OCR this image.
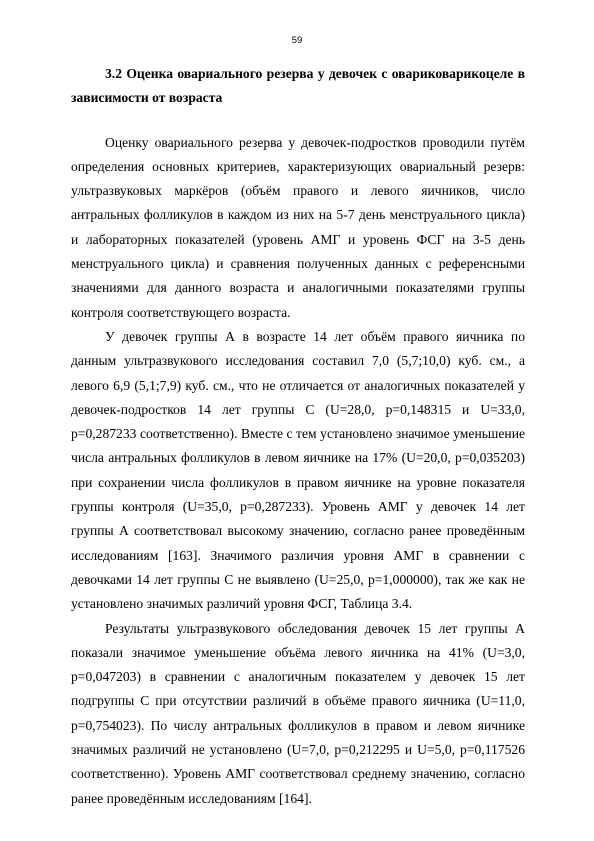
59

3.2 Оценка овариального резерва у девочек с овариковарикоцеле в зависимости от возраста

Оценку овариального резерва у девочек-подростков проводили путём определения основных критериев, характеризующих овариальный резерв: ультразвуковых маркёров (объём правого и левого яичников, число антральных фолликулов в каждом из них на 5-7 день менструального цикла) и лабораторных показателей (уровень АМГ и уровень ФСГ на 3-5 день менструального цикла) и сравнения полученных данных с референсными значениями для данного возраста и аналогичными показателями группы контроля соответствующего возраста.

У девочек группы А в возрасте 14 лет объём правого яичника по данным ультразвукового исследования составил 7,0 (5,7;10,0) куб. см., а левого 6,9 (5,1;7,9) куб. см., что не отличается от аналогичных показателей у девочек-подростков 14 лет группы С (U=28,0, p=0,148315 и U=33,0, p=0,287233 соответственно). Вместе с тем установлено значимое уменьшение числа антральных фолликулов в левом яичнике на 17% (U=20,0, p=0,035203) при сохранении числа фолликулов в правом яичнике на уровне показателя группы контроля (U=35,0, p=0,287233). Уровень АМГ у девочек 14 лет группы А соответствовал высокому значению, согласно ранее проведённым исследованиям [163]. Значимого различия уровня АМГ в сравнении с девочками 14 лет группы С не выявлено (U=25,0, p=1,000000), так же как не установлено значимых различий уровня ФСГ, Таблица 3.4.

Результаты ультразвукового обследования девочек 15 лет группы А показали значимое уменьшение объёма левого яичника на 41% (U=3,0, p=0,047203) в сравнении с аналогичным показателем у девочек 15 лет подгруппы С при отсутствии различий в объёме правого яичника (U=11,0, p=0,754023). По числу антральных фолликулов в правом и левом яичнике значимых различий не установлено (U=7,0, p=0,212295 и U=5,0, p=0,117526 соответственно). Уровень АМГ соответствовал среднему значению, согласно ранее проведённым исследованиям [164].
